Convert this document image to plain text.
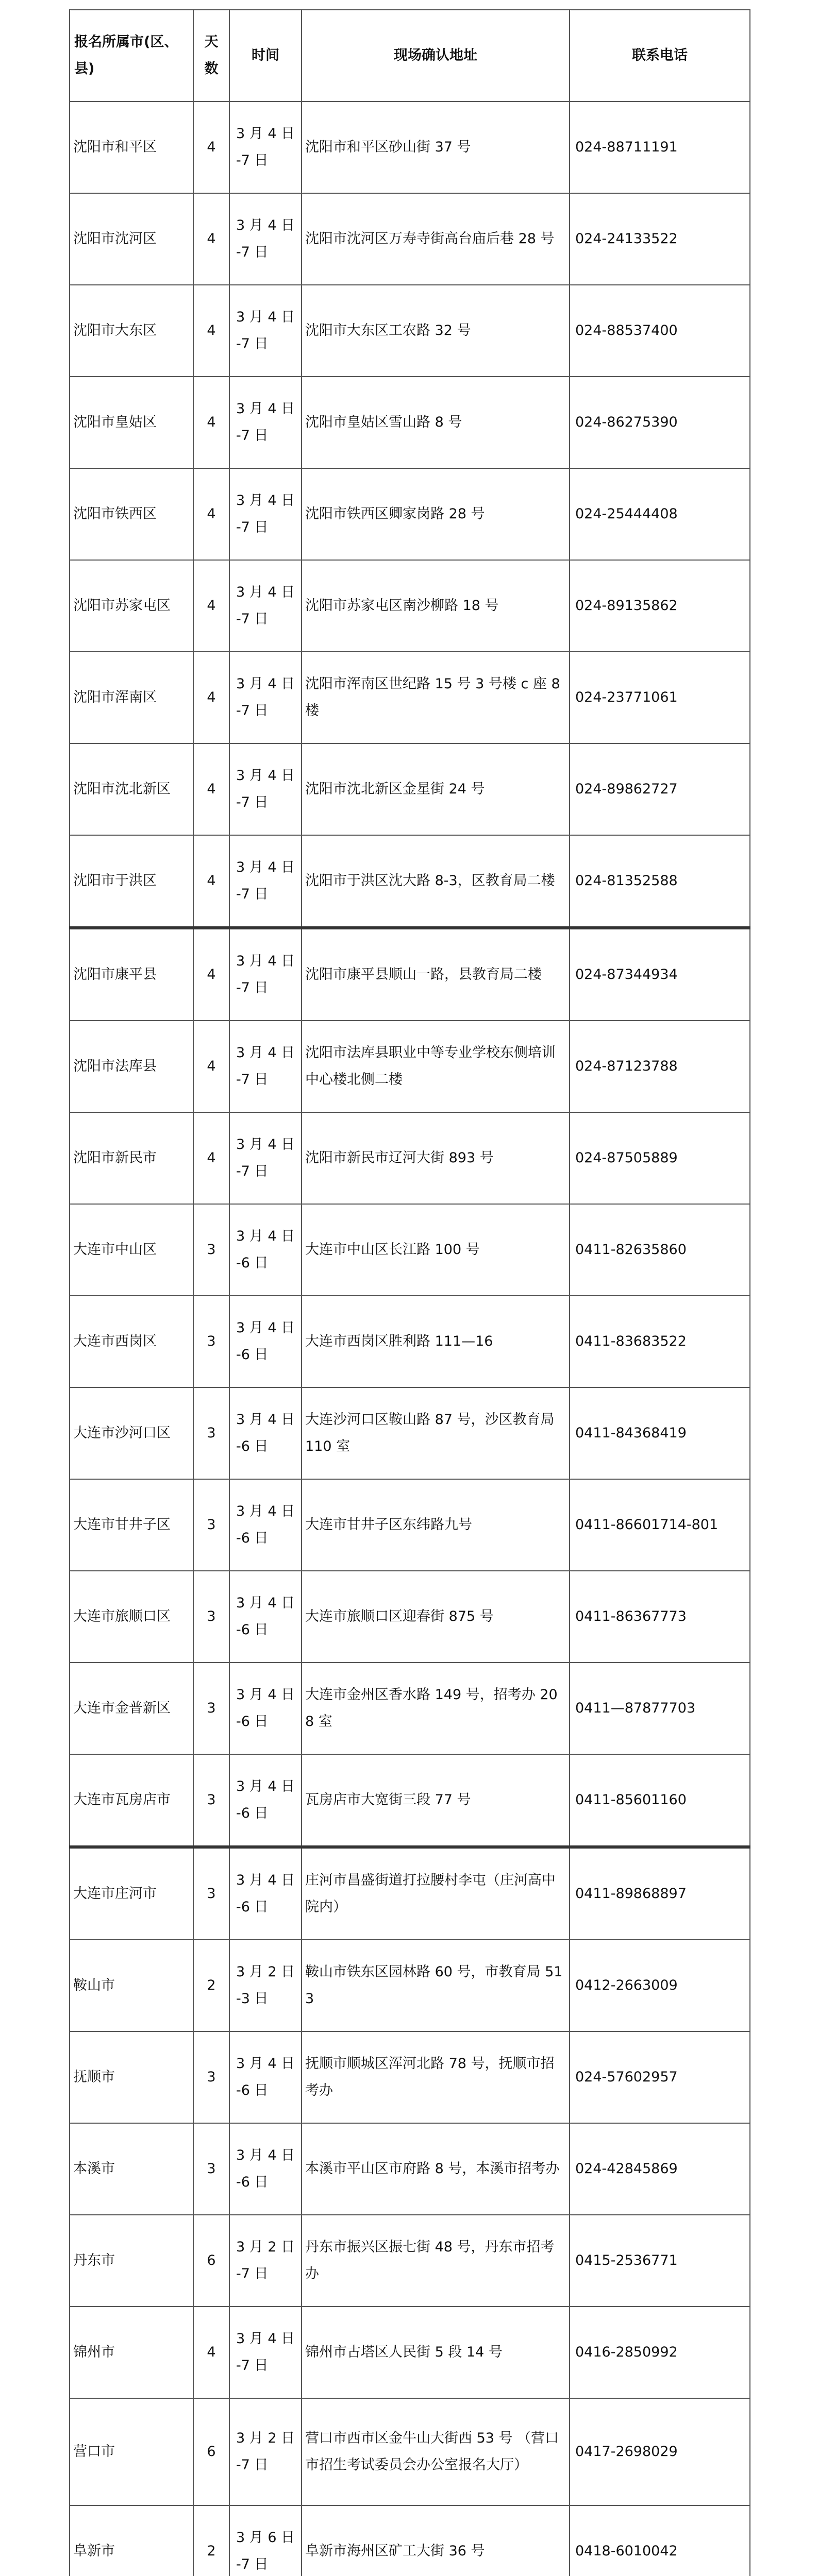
报名所属市(区、县)	天数	时间	现场确认地址	联系电话
沈阳市和平区	4	3 月 4 日 -7 日	沈阳市和平区砂山街 37 号	024-88711191
沈阳市沈河区	4	3 月 4 日 -7 日	沈阳市沈河区万寿寺街高台庙后巷 28 号	024-24133522
沈阳市大东区	4	3 月 4 日 -7 日	沈阳市大东区工农路 32 号	024-88537400
沈阳市皇姑区	4	3 月 4 日 -7 日	沈阳市皇姑区雪山路 8 号	024-86275390
沈阳市铁西区	4	3 月 4 日 -7 日	沈阳市铁西区卿家岗路 28 号	024-25444408
沈阳市苏家屯区	4	3 月 4 日 -7 日	沈阳市苏家屯区南沙柳路 18 号	024-89135862
沈阳市浑南区	4	3 月 4 日 -7 日	沈阳市浑南区世纪路 15 号 3 号楼 c 座 8 楼	024-23771061
沈阳市沈北新区	4	3 月 4 日 -7 日	沈阳市沈北新区金星街 24 号	024-89862727
沈阳市于洪区	4	3 月 4 日 -7 日	沈阳市于洪区沈大路 8-3，区教育局二楼	024-81352588
沈阳市康平县	4	3 月 4 日 -7 日	沈阳市康平县顺山一路，县教育局二楼	024-87344934
沈阳市法库县	4	3 月 4 日 -7 日	沈阳市法库县职业中等专业学校东侧培训中心楼北侧二楼	024-87123788
沈阳市新民市	4	3 月 4 日 -7 日	沈阳市新民市辽河大街 893 号	024-87505889
大连市中山区	3	3 月 4 日 -6 日	大连市中山区长江路 100 号	0411-82635860
大连市西岗区	3	3 月 4 日 -6 日	大连市西岗区胜利路 111—16	0411-83683522
大连市沙河口区	3	3 月 4 日 -6 日	大连沙河口区鞍山路 87 号，沙区教育局 110 室	0411-84368419
大连市甘井子区	3	3 月 4 日 -6 日	大连市甘井子区东纬路九号	0411-86601714-801
大连市旅顺口区	3	3 月 4 日 -6 日	大连市旅顺口区迎春街 875 号	0411-86367773
大连市金普新区	3	3 月 4 日 -6 日	大连市金州区香水路 149 号，招考办 208 室	0411—87877703
大连市瓦房店市	3	3 月 4 日 -6 日	瓦房店市大宽街三段 77 号	0411-85601160
大连市庄河市	3	3 月 4 日 -6 日	庄河市昌盛街道打拉腰村李屯（庄河高中院内）	0411-89868897
鞍山市	2	3 月 2 日 -3 日	鞍山市铁东区园林路 60 号，市教育局 513	0412-2663009
抚顺市	3	3 月 4 日 -6 日	抚顺市顺城区浑河北路 78 号，抚顺市招考办	024-57602957
本溪市	3	3 月 4 日 -6 日	本溪市平山区市府路 8 号，本溪市招考办	024-42845869
丹东市	6	3 月 2 日 -7 日	丹东市振兴区振七街 48 号，丹东市招考办	0415-2536771
锦州市	4	3 月 4 日 -7 日	锦州市古塔区人民街 5 段 14 号	0416-2850992
营口市	6	3 月 2 日 -7 日	营口市西市区金牛山大街西 53 号 （营口市招生考试委员会办公室报名大厅）	0417-2698029
阜新市	2	3 月 6 日 -7 日	阜新市海州区矿工大街 36 号	0418-6010042
